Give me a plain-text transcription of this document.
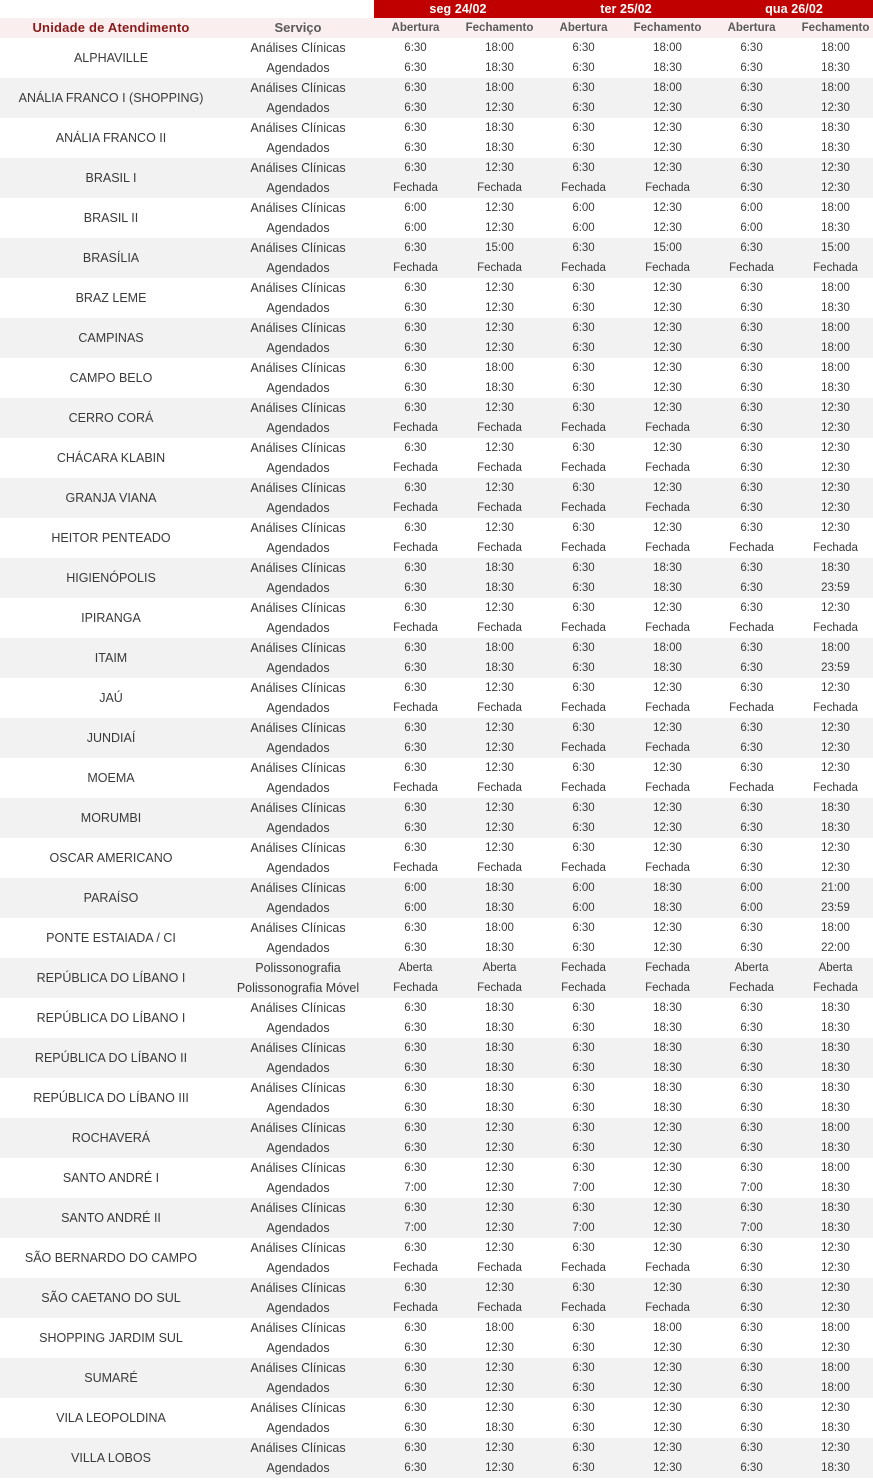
		seg 24/02		ter 25/02		qua 26/02	
Unidade de Atendimento	Serviço	Abertura	Fechamento	Abertura	Fechamento	Abertura	Fechamento
ALPHAVILLE	Análises Clínicas	6:30	18:00	6:30	18:00	6:30	18:00
	Agendados	6:30	18:30	6:30	18:30	6:30	18:30
ANÁLIA FRANCO I (SHOPPING)	Análises Clínicas	6:30	18:00	6:30	18:00	6:30	18:00
	Agendados	6:30	12:30	6:30	12:30	6:30	12:30
ANÁLIA FRANCO II	Análises Clínicas	6:30	18:30	6:30	12:30	6:30	18:30
	Agendados	6:30	18:30	6:30	12:30	6:30	18:30
BRASIL I	Análises Clínicas	6:30	12:30	6:30	12:30	6:30	12:30
	Agendados	Fechada	Fechada	Fechada	Fechada	6:30	12:30
BRASIL II	Análises Clínicas	6:00	12:30	6:00	12:30	6:00	18:00
	Agendados	6:00	12:30	6:00	12:30	6:00	18:30
BRASÍLIA	Análises Clínicas	6:30	15:00	6:30	15:00	6:30	15:00
	Agendados	Fechada	Fechada	Fechada	Fechada	Fechada	Fechada
BRAZ LEME	Análises Clínicas	6:30	12:30	6:30	12:30	6:30	18:00
	Agendados	6:30	12:30	6:30	12:30	6:30	18:30
CAMPINAS	Análises Clínicas	6:30	12:30	6:30	12:30	6:30	18:00
	Agendados	6:30	12:30	6:30	12:30	6:30	18:00
CAMPO BELO	Análises Clínicas	6:30	18:00	6:30	12:30	6:30	18:00
	Agendados	6:30	18:30	6:30	12:30	6:30	18:30
CERRO CORÁ	Análises Clínicas	6:30	12:30	6:30	12:30	6:30	12:30
	Agendados	Fechada	Fechada	Fechada	Fechada	6:30	12:30
CHÁCARA KLABIN	Análises Clínicas	6:30	12:30	6:30	12:30	6:30	12:30
	Agendados	Fechada	Fechada	Fechada	Fechada	6:30	12:30
GRANJA VIANA	Análises Clínicas	6:30	12:30	6:30	12:30	6:30	12:30
	Agendados	Fechada	Fechada	Fechada	Fechada	6:30	12:30
HEITOR PENTEADO	Análises Clínicas	6:30	12:30	6:30	12:30	6:30	12:30
	Agendados	Fechada	Fechada	Fechada	Fechada	Fechada	Fechada
HIGIENÓPOLIS	Análises Clínicas	6:30	18:30	6:30	18:30	6:30	18:30
	Agendados	6:30	18:30	6:30	18:30	6:30	23:59
IPIRANGA	Análises Clínicas	6:30	12:30	6:30	12:30	6:30	12:30
	Agendados	Fechada	Fechada	Fechada	Fechada	Fechada	Fechada
ITAIM	Análises Clínicas	6:30	18:00	6:30	18:00	6:30	18:00
	Agendados	6:30	18:30	6:30	18:30	6:30	23:59
JAÚ	Análises Clínicas	6:30	12:30	6:30	12:30	6:30	12:30
	Agendados	Fechada	Fechada	Fechada	Fechada	Fechada	Fechada
JUNDIAÍ	Análises Clínicas	6:30	12:30	6:30	12:30	6:30	12:30
	Agendados	6:30	12:30	Fechada	Fechada	6:30	12:30
MOEMA	Análises Clínicas	6:30	12:30	6:30	12:30	6:30	12:30
	Agendados	Fechada	Fechada	Fechada	Fechada	Fechada	Fechada
MORUMBI	Análises Clínicas	6:30	12:30	6:30	12:30	6:30	18:30
	Agendados	6:30	12:30	6:30	12:30	6:30	18:30
OSCAR AMERICANO	Análises Clínicas	6:30	12:30	6:30	12:30	6:30	12:30
	Agendados	Fechada	Fechada	Fechada	Fechada	6:30	12:30
PARAÍSO	Análises Clínicas	6:00	18:30	6:00	18:30	6:00	21:00
	Agendados	6:00	18:30	6:00	18:30	6:00	23:59
PONTE ESTAIADA / CI	Análises Clínicas	6:30	18:00	6:30	12:30	6:30	18:00
	Agendados	6:30	18:30	6:30	12:30	6:30	22:00
REPÚBLICA DO LÍBANO I	Polissonografia	Aberta	Aberta	Fechada	Fechada	Aberta	Aberta
	Polissonografia Móvel	Fechada	Fechada	Fechada	Fechada	Fechada	Fechada
REPÚBLICA DO LÍBANO I	Análises Clínicas	6:30	18:30	6:30	18:30	6:30	18:30
	Agendados	6:30	18:30	6:30	18:30	6:30	18:30
REPÚBLICA DO LÍBANO II	Análises Clínicas	6:30	18:30	6:30	18:30	6:30	18:30
	Agendados	6:30	18:30	6:30	18:30	6:30	18:30
REPÚBLICA DO LÍBANO III	Análises Clínicas	6:30	18:30	6:30	18:30	6:30	18:30
	Agendados	6:30	18:30	6:30	18:30	6:30	18:30
ROCHAVERÁ	Análises Clínicas	6:30	12:30	6:30	12:30	6:30	18:00
	Agendados	6:30	12:30	6:30	12:30	6:30	18:30
SANTO ANDRÉ I	Análises Clínicas	6:30	12:30	6:30	12:30	6:30	18:00
	Agendados	7:00	12:30	7:00	12:30	7:00	18:30
SANTO ANDRÉ II	Análises Clínicas	6:30	12:30	6:30	12:30	6:30	18:30
	Agendados	7:00	12:30	7:00	12:30	7:00	18:30
SÃO BERNARDO DO CAMPO	Análises Clínicas	6:30	12:30	6:30	12:30	6:30	12:30
	Agendados	Fechada	Fechada	Fechada	Fechada	6:30	12:30
SÃO CAETANO DO SUL	Análises Clínicas	6:30	12:30	6:30	12:30	6:30	12:30
	Agendados	Fechada	Fechada	Fechada	Fechada	6:30	12:30
SHOPPING JARDIM SUL	Análises Clínicas	6:30	18:00	6:30	18:00	6:30	18:00
	Agendados	6:30	12:30	6:30	12:30	6:30	12:30
SUMARÉ	Análises Clínicas	6:30	12:30	6:30	12:30	6:30	18:00
	Agendados	6:30	12:30	6:30	12:30	6:30	18:00
VILA LEOPOLDINA	Análises Clínicas	6:30	12:30	6:30	12:30	6:30	12:30
	Agendados	6:30	18:30	6:30	12:30	6:30	18:30
VILLA LOBOS	Análises Clínicas	6:30	12:30	6:30	12:30	6:30	12:30
	Agendados	6:30	12:30	6:30	12:30	6:30	18:30
